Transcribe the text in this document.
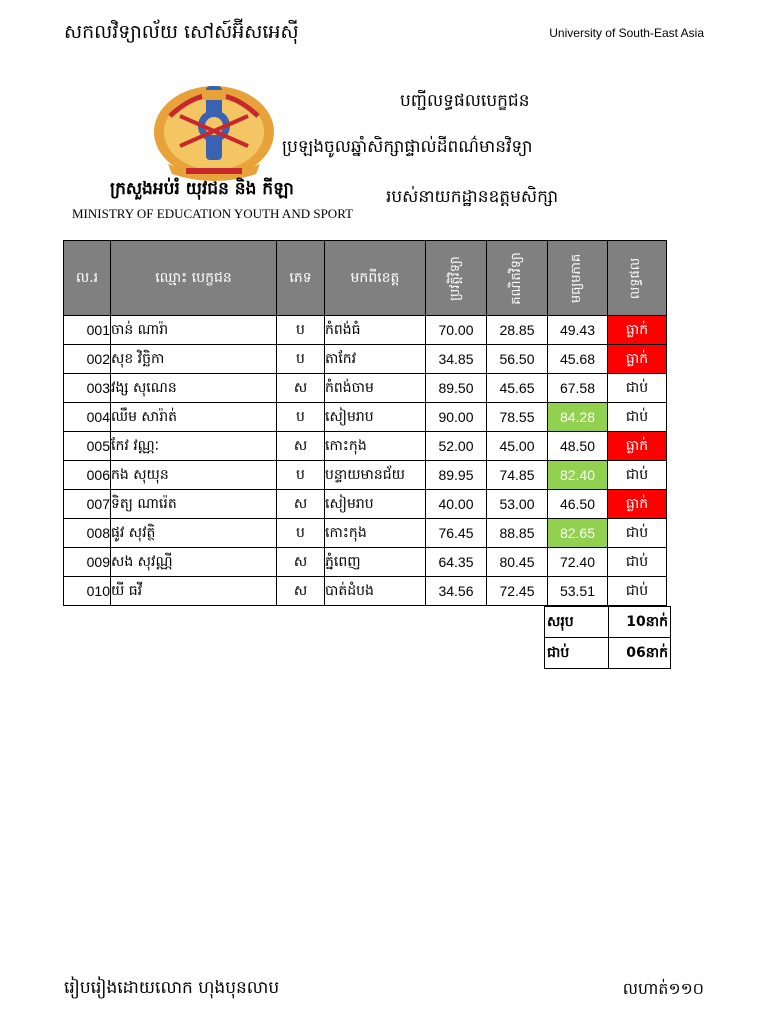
សកលវិទ្យាល័យ សៅស៍អ៊ីសអេស៊ី	University of South-East Asia
ក្រសួងអប់រំ យុវជន និង កីឡា
MINISTRY OF EDUCATION YOUTH AND SPORT
បញ្ជីលទ្ធផលបេក្ខជន
ប្រឡងចូលឆ្នាំសិក្សាផ្ទាល់ដីពណ៌មានវិទ្យា
របស់នាយកដ្ឋានឧត្តមសិក្សា
ល.រ	ឈ្មោះ បេក្ខជន	ភេទ	មកពីខេត្ត	ប្រវត្តិវិទ្យា	គណិតវិទ្យា	មធ្យមភាគ	លទ្ធផល
001	ចាន់ ណារ៉ា	ប	កំពង់ធំ	70.00	28.85	49.43	ធ្លាក់
002	សុខ វិច្ឆិកា	ប	តាកែវ	34.85	56.50	45.68	ធ្លាក់
003	វង្ស សុណេន	ស	កំពង់ចាម	89.50	45.65	67.58	ជាប់
004	ឈឹម សារ៉ាត់	ប	សៀមរាប	90.00	78.55	84.28	ជាប់
005	កែវ វណ្ណៈ	ស	កោះកុង	52.00	45.00	48.50	ធ្លាក់
006	កង សុយុន	ប	បន្ទាយមានជ័យ	89.95	74.85	82.40	ជាប់
007	ទិត្យ ណារ៉េត	ស	សៀមរាប	40.00	53.00	46.50	ធ្លាក់
008	ផូវ សុវត្ថិ	ប	កោះកុង	76.45	88.85	82.65	ជាប់
009	សង សុវណ្ណី	ស	ភ្នំពេញ	64.35	80.45	72.40	ជាប់
010	យី ធវី	ស	បាត់ដំបង	34.56	72.45	53.51	ជាប់
សរុប	10នាក់
ជាប់	06នាក់
រៀបរៀងដោយលោក ហុងបុនលាប	លហាត់១១០
